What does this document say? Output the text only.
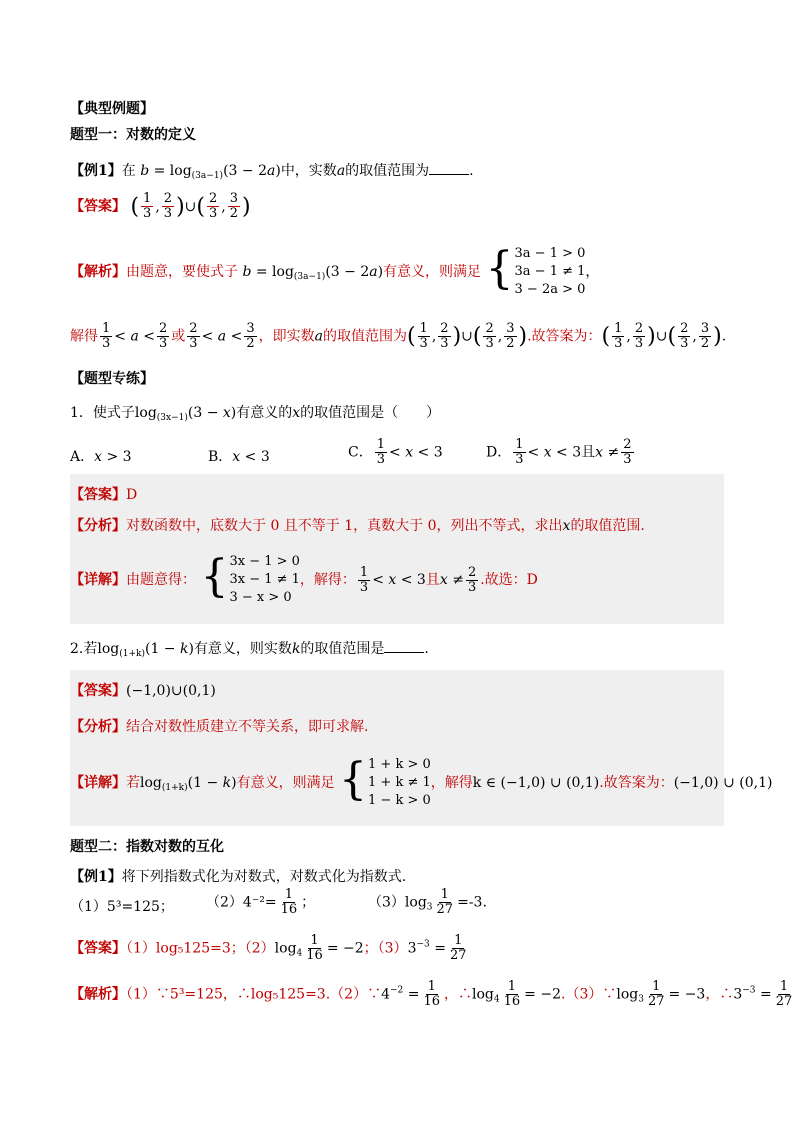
【典型例题】
题型一：对数的定义
【例1】在 $b = \log_{(3a-1)}(3 - 2a)$中，实数a的取值范围为	.
【答案】 ( $\frac{1}{3}$ , $\frac{2}{3}$ )∪( $\frac{2}{3}$ , $\frac{3}{2}$ )
【解析】由题意，要使式子 $b = \log_{(3a-1)}(3 - 2a)$有意义，则满足 { 3a − 1 > 0
3a − 1 ≠ 1
3 − 2a > 0
，
解得 $\frac{1}{3} < a < \frac{2}{3}$ 或 $\frac{2}{3} < a < \frac{3}{2}$ ，即实数a的取值范围为( $\frac{1}{3}$ , $\frac{2}{3}$ )∪( $\frac{2}{3}$ , $\frac{3}{2}$ ).故答案为：( $\frac{1}{3}$ , $\frac{2}{3}$ )∪( $\frac{2}{3}$ , $\frac{3}{2}$ ).
【题型专练】
1．使式子$\log_{(3x-1)}(3 - x)$有意义的x的取值范围是（　　）
A．x > 3	B．x < 3	C． $\frac{1}{3} < x < 3$	D． $\frac{1}{3} < x < 3$且$x \ne \frac{2}{3}$
【答案】D
【分析】对数函数中，底数大于 0 且不等于 1，真数大于 0，列出不等式，求出x的取值范围.
【详解】由题意得： { 3x − 1 > 0
3x − 1 ≠ 1
3 − x > 0
，解得： $\frac{1}{3} < x < 3$且$x \ne \frac{2}{3}$ .故选：D
2.若$\log_{(1+k)}(1 - k)$有意义，则实数k的取值范围是	.
【答案】(−1,0)∪(0,1)
【分析】结合对数性质建立不等关系，即可求解.
【详解】若$\log_{(1+k)}(1 - k)$有意义，则满足 { 1 + k > 0
1 + k ≠ 1
1 − k > 0
，解得k ∈ (−1,0) ∪ (0,1).故答案为：(−1,0) ∪ (0,1)
题型二：指数对数的互化
【例1】将下列指数式化为对数式，对数式化为指数式.
（1）5³=125； $(2)4^{-2}= \frac{1}{16}$ ；	$(3)\log_3 \frac{1}{27} =-3$.
【答案】（1）log₅125=3；$(2)\log_4 \frac{1}{16} = -2$；$(3)3^{-3} = \frac{1}{27}$
【解析】（1）∵5³=125，$\therefore\log_5125=3.(2)\because 4^{-2} = \frac{1}{16}$ ，$\therefore\log_4 \frac{1}{16}$ = $-2.(3)\because\log_3 \frac{1}{27} = -3$，$\therefore 3^{-3} = \frac{1}{27}$
